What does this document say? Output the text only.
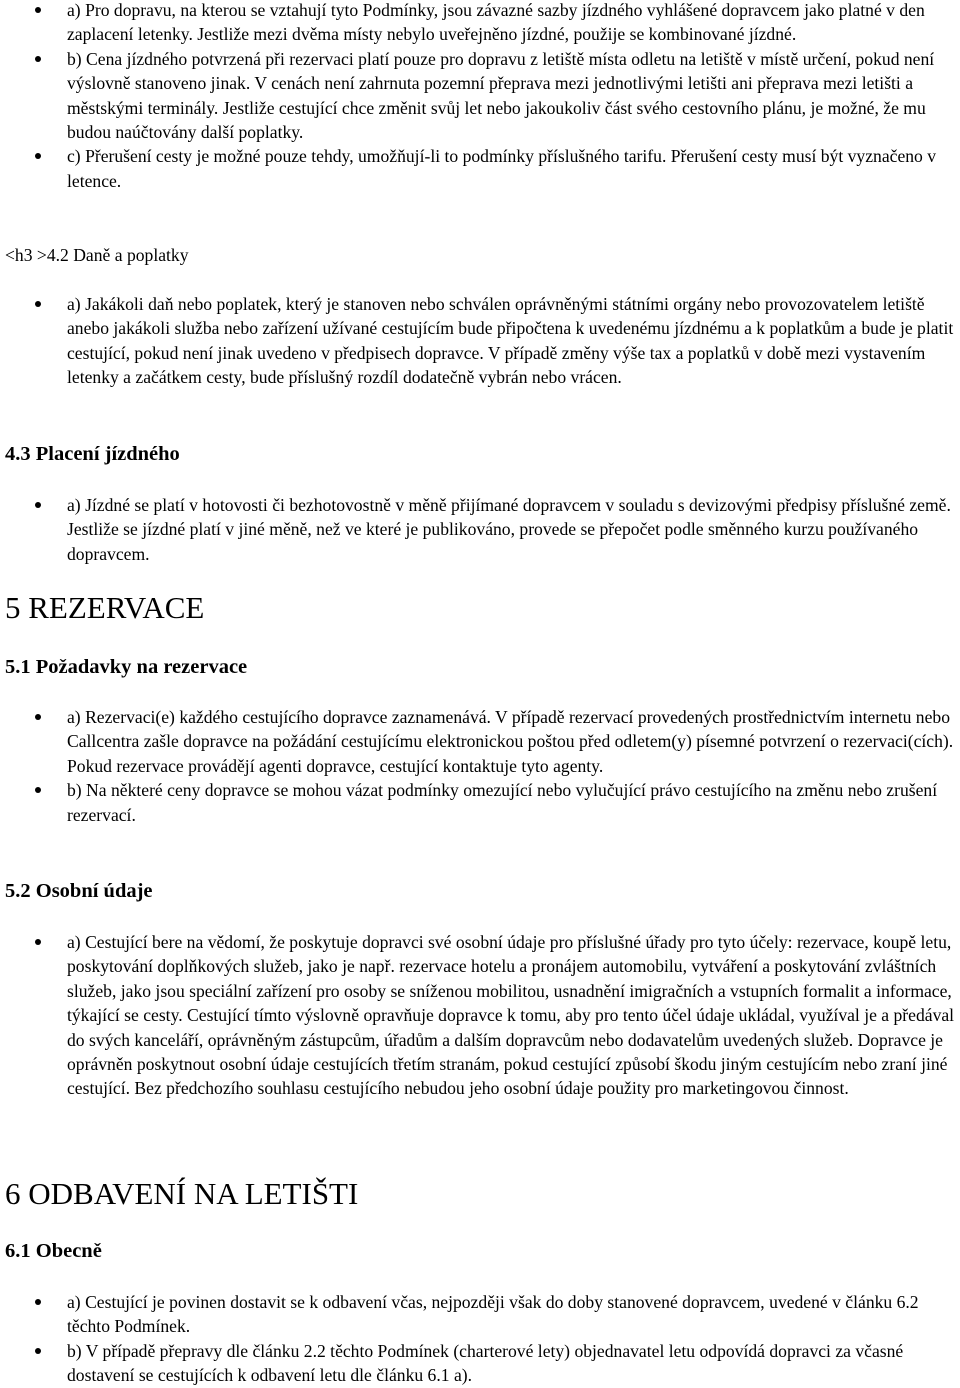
a) Pro dopravu, na kterou se vztahují tyto Podmínky, jsou závazné sazby jízdného vyhlášené dopravcem jako platné v den zaplacení letenky. Jestliže mezi dvěma místy nebylo uveřejněno jízdné, použije se kombinované jízdné.
b) Cena jízdného potvrzená při rezervaci platí pouze pro dopravu z letiště místa odletu na letiště v místě určení, pokud není výslovně stanoveno jinak. V cenách není zahrnuta pozemní přeprava mezi jednotlivými letišti ani přeprava mezi letišti a městskými terminály. Jestliže cestující chce změnit svůj let nebo jakoukoliv část svého cestovního plánu, je možné, že mu budou naúčtovány další poplatky.
c) Přerušení cesty je možné pouze tehdy, umožňují-li to podmínky příslušného tarifu. Přerušení cesty musí být vyznačeno v letence.
<h3 >4.2 Daně a poplatky
a) Jakákoli daň nebo poplatek, který je stanoven nebo schválen oprávněnými státními orgány nebo provozovatelem letiště anebo jakákoli služba nebo zařízení užívané cestujícím bude připočtena k uvedenému jízdnému a k poplatkům a bude je platit cestující, pokud není jinak uvedeno v předpisech dopravce. V případě změny výše tax a poplatků v době mezi vystavením letenky a začátkem cesty, bude příslušný rozdíl dodatečně vybrán nebo vrácen.
4.3 Placení jízdného
a) Jízdné se platí v hotovosti či bezhotovostně v měně přijímané dopravcem v souladu s devizovými předpisy příslušné země. Jestliže se jízdné platí v jiné měně, než ve které je publikováno, provede se přepočet podle směnného kurzu používaného dopravcem.
5 REZERVACE
5.1 Požadavky na rezervace
a) Rezervaci(e) každého cestujícího dopravce zaznamenává. V případě rezervací provedených prostřednictvím internetu nebo Callcentra zašle dopravce na požádání cestujícímu elektronickou poštou před odletem(y) písemné potvrzení o rezervaci(cích). Pokud rezervace provádějí agenti dopravce, cestující kontaktuje tyto agenty.
b) Na některé ceny dopravce se mohou vázat podmínky omezující nebo vylučující právo cestujícího na změnu nebo zrušení rezervací.
5.2 Osobní údaje
a) Cestující bere na vědomí, že poskytuje dopravci své osobní údaje pro příslušné úřady pro tyto účely: rezervace, koupě letu, poskytování doplňkových služeb, jako je např. rezervace hotelu a pronájem automobilu, vytváření a poskytování zvláštních služeb, jako jsou speciální zařízení pro osoby se sníženou mobilitou, usnadnění imigračních a vstupních formalit a informace, týkající se cesty. Cestující tímto výslovně opravňuje dopravce k tomu, aby pro tento účel údaje ukládal, využíval je a předával do svých kanceláří, oprávněným zástupcům, úřadům a dalším dopravcům nebo dodavatelům uvedených služeb. Dopravce je oprávněn poskytnout osobní údaje cestujících třetím stranám, pokud cestující způsobí škodu jiným cestujícím nebo zraní jiné cestující. Bez předchozího souhlasu cestujícího nebudou jeho osobní údaje použity pro marketingovou činnost.
6 ODBAVENÍ NA LETIŠTI
6.1 Obecně
a) Cestující je povinen dostavit se k odbavení včas, nejpozději však do doby stanovené dopravcem, uvedené v článku 6.2 těchto Podmínek.
b) V případě přepravy dle článku 2.2 těchto Podmínek (charterové lety) objednavatel letu odpovídá dopravci za včasné dostavení se cestujících k odbavení letu dle článku 6.1 a).
